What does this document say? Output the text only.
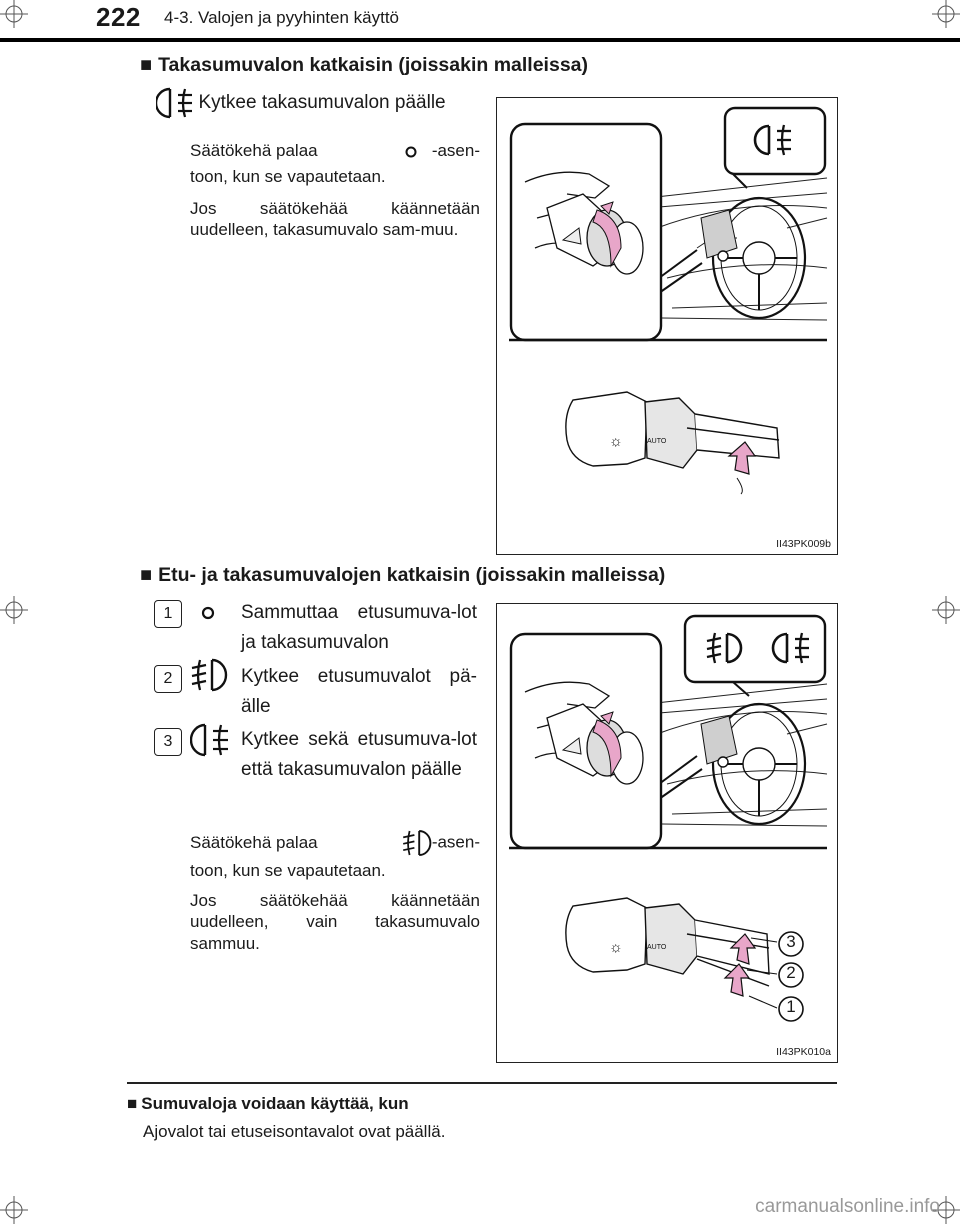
222 4-3. Valojen ja pyyhinten käyttö
■ Takasumuvalon katkaisin (joissakin malleissa)
Kytkee takasumuvalon päälle
Säätökehä palaa	-asen-
toon, kun se vapautetaan.
Jos säätökehää käännetään uudelleen, takasumuvalo sam-muu.
☼	AUTO
II43PK009b
■ Etu- ja takasumuvalojen katkaisin (joissakin malleissa)
1	Sammuttaa etusumuva-lot ja takasumuvalon
2	Kytkee etusumuvalot pä-älle
3	Kytkee sekä etusumuva-lot että takasumuvalon päälle
Säätökehä palaa	-asen-
toon, kun se vapautetaan.
Jos säätökehää käännetään uudelleen, vain takasumuvalo sammuu.	☼	AUTO	3
2
1
II43PK010a
■ Sumuvaloja voidaan käyttää, kun
Ajovalot tai etuseisontavalot ovat päällä.
carmanualsonline.info
